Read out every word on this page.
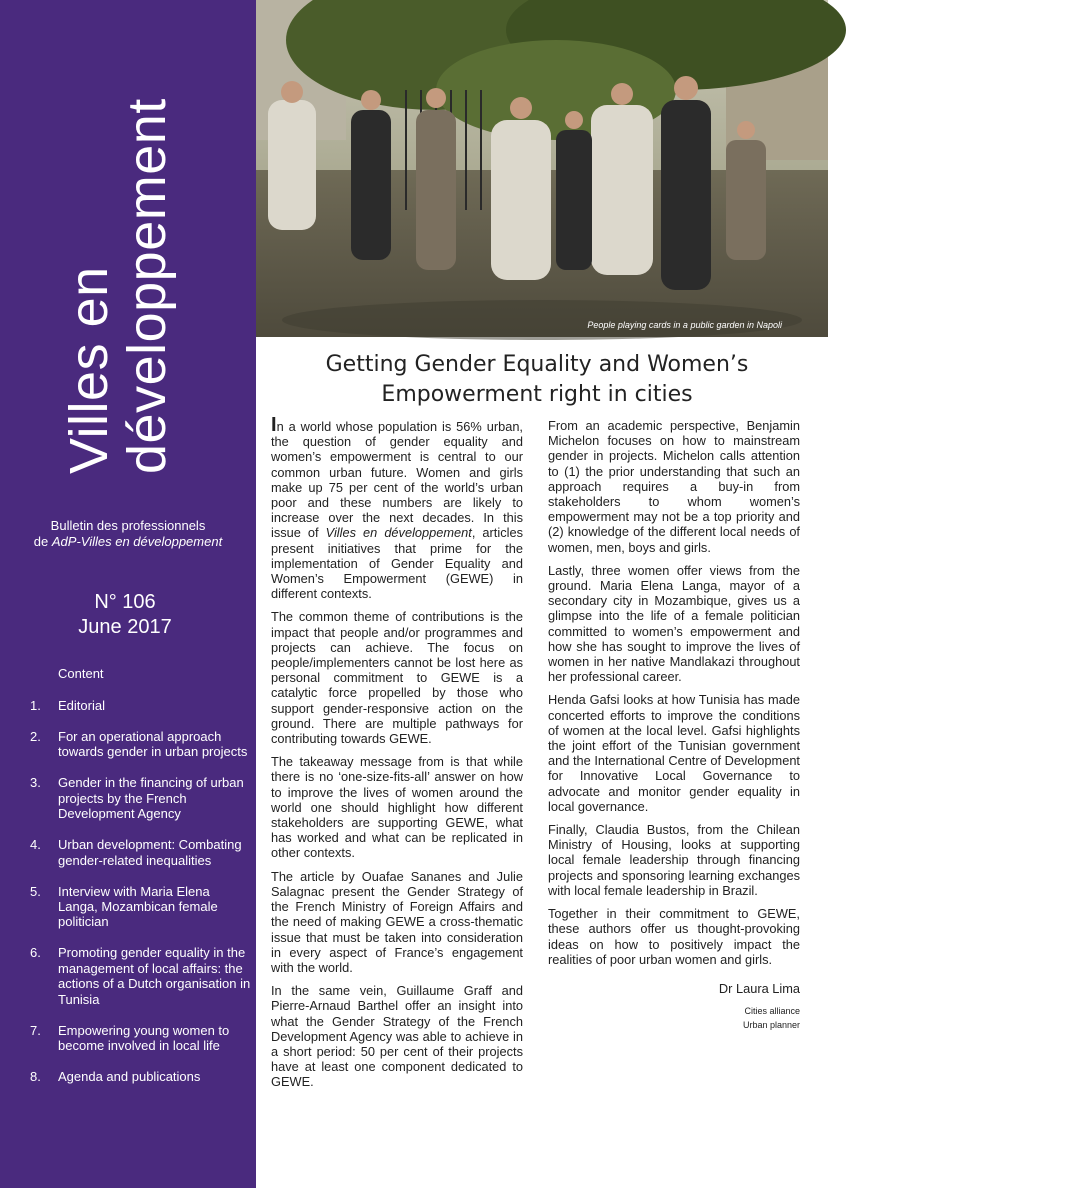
Villes en
développement
Bulletin des professionnels
de AdP-Villes en développement
N° 106
June 2017
Content
1. Editorial
2. For an operational approach towards gender in urban projects
3. Gender in the financing of urban projects by the French Development Agency
4. Urban development: Combating gender-related inequalities
5. Interview with Maria Elena Langa, Mozambican female politician
6. Promoting gender equality in the management of local affairs: the actions of a Dutch organisation in Tunisia
7. Empowering young women to become involved in local life
8. Agenda and publications
People playing cards in a public garden in Napoli	Photo credit: Marianne Durand
Getting Gender Equality and Women’s Empowerment right in cities

In a world whose population is 56% urban, the question of gender equality and women’s empowerment is central to our common urban future. Women and girls make up 75 per cent of the world’s urban poor and these numbers are likely to increase over the next decades. In this issue of Villes en développement, articles present initiatives that prime for the implementation of Gender Equality and Women’s Empowerment (GEWE) in different contexts.

The common theme of contributions is the impact that people and/or programmes and projects can achieve. The focus on people/implementers cannot be lost here as personal commitment to GEWE is a catalytic force propelled by those who support gender-responsive action on the ground. There are multiple pathways for contributing towards GEWE.

The takeaway message from is that while there is no ‘one-size-fits-all’ answer on how to improve the lives of women around the world one should highlight how different stakeholders are supporting GEWE, what has worked and what can be replicated in other contexts.

The article by Ouafae Sananes and Julie Salagnac present the Gender Strategy of the French Ministry of Foreign Affairs and the need of making GEWE a cross-thematic issue that must be taken into consideration in every aspect of France’s engagement with the world.

In the same vein, Guillaume Graff and Pierre-Arnaud Barthel offer an insight into what the Gender Strategy of the French Development Agency was able to achieve in a short period: 50 per cent of their projects have at least one component dedicated to GEWE.

From an academic perspective, Benjamin Michelon focuses on how to mainstream gender in projects. Michelon calls attention to (1) the prior understanding that such an approach requires a buy-in from stakeholders to whom women’s empowerment may not be a top priority and (2) knowledge of the different local needs of women, men, boys and girls.

Lastly, three women offer views from the ground. Maria Elena Langa, mayor of a secondary city in Mozambique, gives us a glimpse into the life of a female politician committed to women’s empowerment and how she has sought to improve the lives of women in her native Mandlakazi throughout her professional career.

Henda Gafsi looks at how Tunisia has made concerted efforts to improve the conditions of women at the local level. Gafsi highlights the joint effort of the Tunisian government and the International Centre of Development for Innovative Local Governance to advocate and monitor gender equality in local governance.

Finally, Claudia Bustos, from the Chilean Ministry of Housing, looks at supporting local female leadership through financing projects and sponsoring learning exchanges with local female leadership in Brazil.

Together in their commitment to GEWE, these authors offer us thought-provoking ideas on how to positively impact the realities of poor urban women and girls.

Dr Laura Lima

Cities alliance
Urban planner
